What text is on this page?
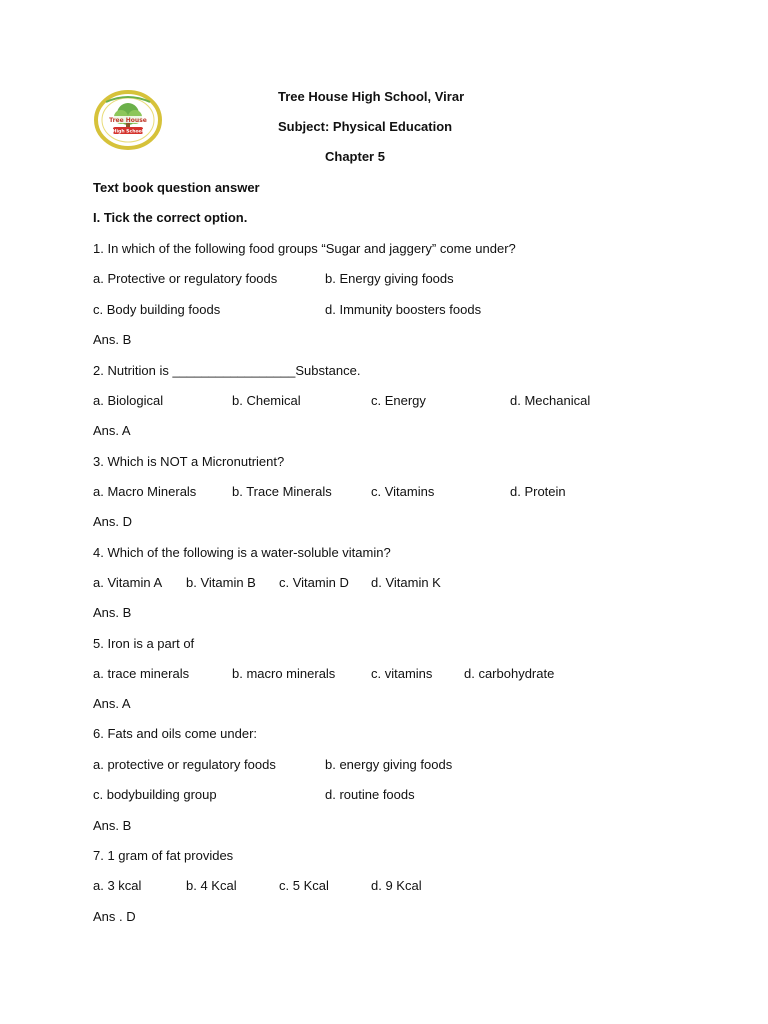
Tree House
High School
Tree House High School, Virar
Subject: Physical Education
Chapter 5
Text book question answer
I. Tick the correct option.
1. In which of the following food groups “Sugar and jaggery” come under?
a. Protective or regulatory foods	b. Energy giving foods
c. Body building foods	d. Immunity boosters foods
Ans. B
2. Nutrition is _________________Substance.
a. Biological	b. Chemical	c. Energy	d. Mechanical
Ans. A
3. Which is NOT a Micronutrient?
a. Macro Minerals	b. Trace Minerals	c. Vitamins	d. Protein
Ans. D
4. Which of the following is a water-soluble vitamin?
a. Vitamin A b. Vitamin B c. Vitamin D d. Vitamin K
Ans. B
5. Iron is a part of
a. trace minerals	b. macro minerals	c. vitamins d. carbohydrate
Ans. A
6. Fats and oils come under:
a. protective or regulatory foods	b. energy giving foods
c. bodybuilding group	d. routine foods
Ans. B
7. 1 gram of fat provides
a. 3 kcal	b. 4 Kcal	c. 5 Kcal	d. 9 Kcal
Ans . D
